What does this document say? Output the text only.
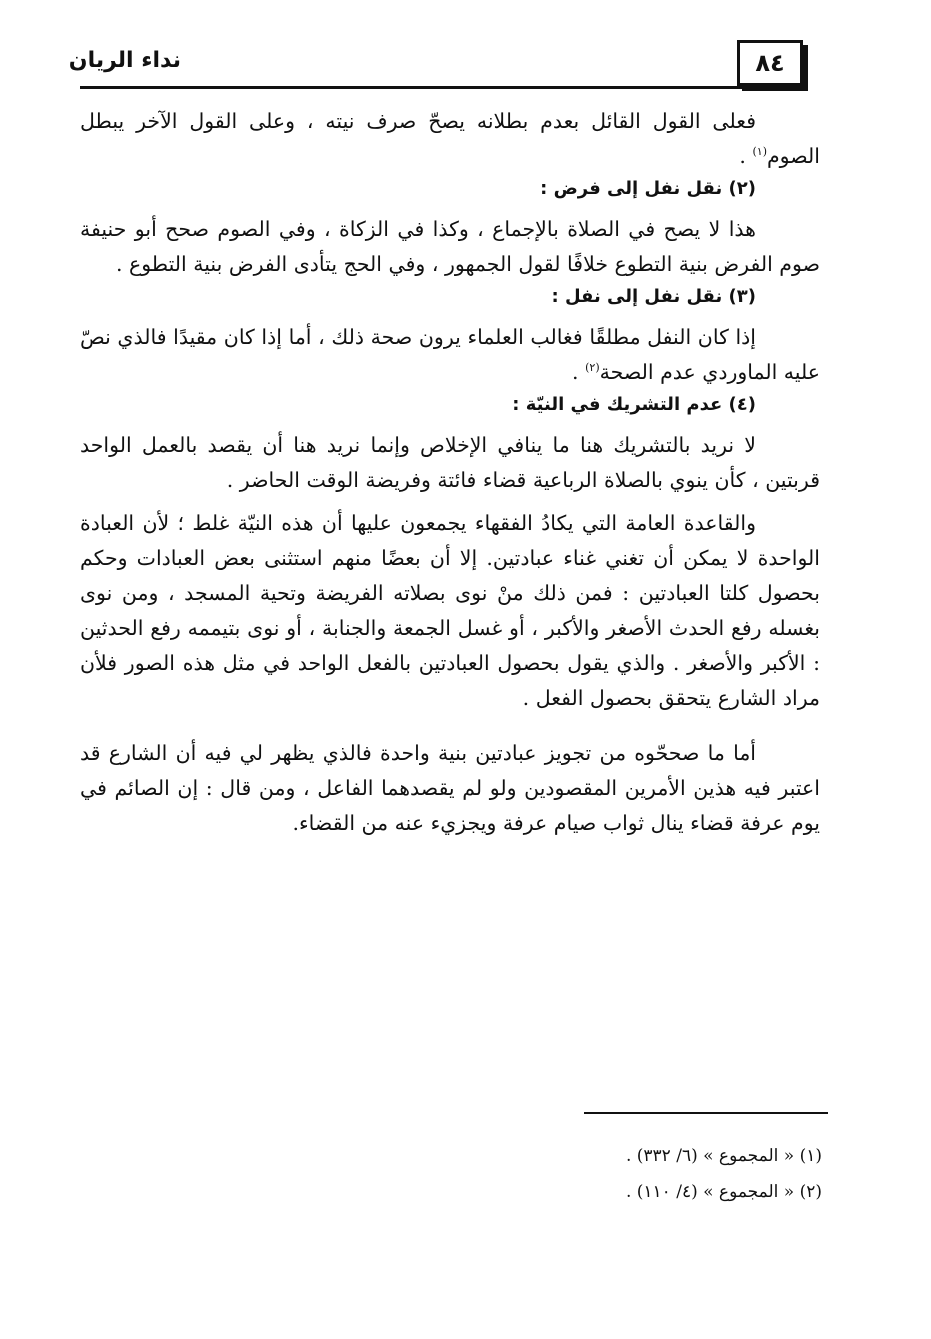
٨٤
نداء الريان

فعلى القول القائل بعدم بطلانه يصحّ صرف نيته ، وعلى القول الآخر يبطل الصوم$^{(١)}$ .

(٢) نقل نفل إلى فرض :

هذا لا يصح في الصلاة بالإجماع ، وكذا في الزكاة ، وفي الصوم صحح أبو حنيفة صوم الفرض بنية التطوع خلافًا لقول الجمهور ، وفي الحج يتأدى الفرض بنية التطوع .

(٣) نقل نفل إلى نفل :

إذا كان النفل مطلقًا فغالب العلماء يرون صحة ذلك ، أما إذا كان مقيدًا فالذي نصّ عليه الماوردي عدم الصحة$^{(٢)}$ .

(٤) عدم التشريك في النيّة :

لا نريد بالتشريك هنا ما ينافي الإخلاص وإنما نريد هنا أن يقصد بالعمل الواحد قربتين ، كأن ينوي بالصلاة الرباعية قضاء فائتة وفريضة الوقت الحاضر .

والقاعدة العامة التي يكادُ الفقهاء يجمعون عليها أن هذه النيّة غلط ؛ لأن العبادة الواحدة لا يمكن أن تغني غناء عبادتين. إلا أن بعضًا منهم استثنى بعض العبادات وحكم بحصول كلتا العبادتين : فمن ذلك منْ نوى بصلاته الفريضة وتحية المسجد ، ومن نوى بغسله رفع الحدث الأصغر والأكبر ، أو غسل الجمعة والجنابة ، أو نوى بتيممه رفع الحدثين : الأكبر والأصغر . والذي يقول بحصول العبادتين بالفعل الواحد في مثل هذه الصور فلأن مراد الشارع يتحقق بحصول الفعل .

أما ما صححّوه من تجويز عبادتين بنية واحدة فالذي يظهر لي فيه أن الشارع قد اعتبر فيه هذين الأمرين المقصودين ولو لم يقصدهما الفاعل ، ومن قال : إن الصائم في يوم عرفة قضاء ينال ثواب صيام عرفة ويجزيء عنه من القضاء.

(١) « المجموع » (٦/ ٣٣٢) .

(٢) « المجموع » (٤/ ١١٠) .
